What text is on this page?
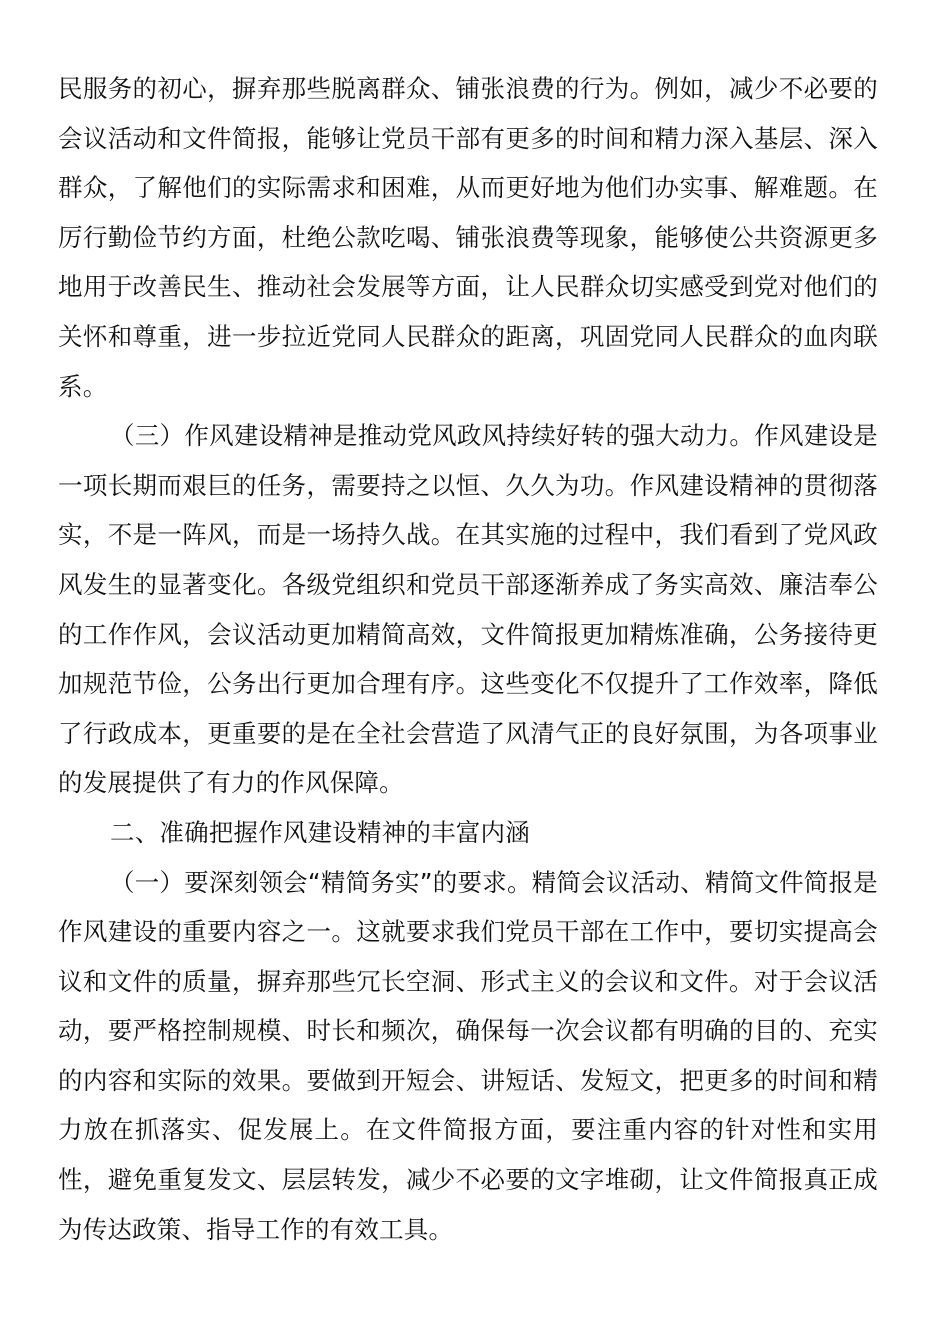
民服务的初心，摒弃那些脱离群众、铺张浪费的行为。例如，减少不必要的会议活动和文件简报，能够让党员干部有更多的时间和精力深入基层、深入群众，了解他们的实际需求和困难，从而更好地为他们办实事、解难题。在厉行勤俭节约方面，杜绝公款吃喝、铺张浪费等现象，能够使公共资源更多地用于改善民生、推动社会发展等方面，让人民群众切实感受到党对他们的关怀和尊重，进一步拉近党同人民群众的距离，巩固党同人民群众的血肉联系。

（三）作风建设精神是推动党风政风持续好转的强大动力。作风建设是一项长期而艰巨的任务，需要持之以恒、久久为功。作风建设精神的贯彻落实，不是一阵风，而是一场持久战。在其实施的过程中，我们看到了党风政风发生的显著变化。各级党组织和党员干部逐渐养成了务实高效、廉洁奉公的工作作风，会议活动更加精简高效，文件简报更加精炼准确，公务接待更加规范节俭，公务出行更加合理有序。这些变化不仅提升了工作效率，降低了行政成本，更重要的是在全社会营造了风清气正的良好氛围，为各项事业的发展提供了有力的作风保障。

二、准确把握作风建设精神的丰富内涵

（一）要深刻领会“精简务实”的要求。精简会议活动、精简文件简报是作风建设的重要内容之一。这就要求我们党员干部在工作中，要切实提高会议和文件的质量，摒弃那些冗长空洞、形式主义的会议和文件。对于会议活动，要严格控制规模、时长和频次，确保每一次会议都有明确的目的、充实的内容和实际的效果。要做到开短会、讲短话、发短文，把更多的时间和精力放在抓落实、促发展上。在文件简报方面，要注重内容的针对性和实用性，避免重复发文、层层转发，减少不必要的文字堆砌，让文件简报真正成为传达政策、指导工作的有效工具。
